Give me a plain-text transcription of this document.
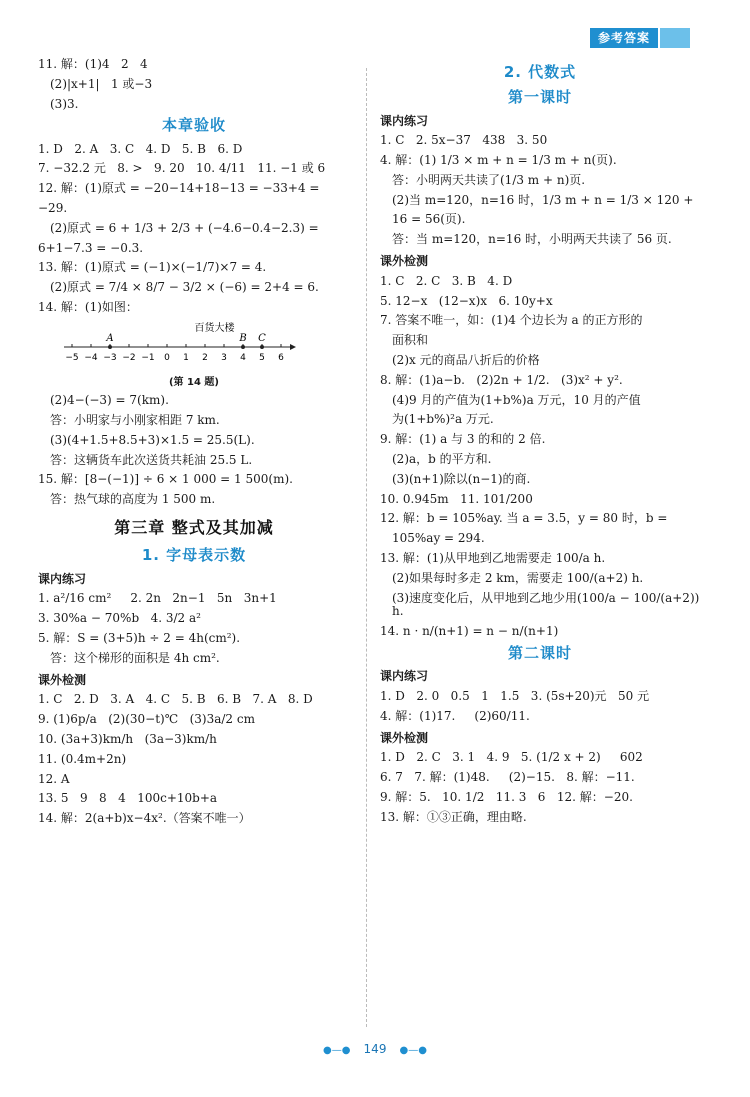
参考答案
11. 解：(1)4   2   4
(2)|x+1|   1 或−3
(3)3.
本章验收
1. D   2. A   3. C   4. D   5. B   6. D
7. −32.2 元   8. >   9. 20   10. 4/11   11. −1 或 6
12. 解：(1)原式 = −20−14+18−13 = −33+4 =
−29.
(2)原式 = 6 + 1/3 + 2/3 + (−4.6−0.4−2.3) =
6+1−7.3 = −0.3.
13. 解：(1)原式 = (−1)×(−1/7)×7 = 4.
(2)原式 = 7/4 × 8/7 − 3/2 × (−6) = 2+4 = 6.
14. 解：(1)如图：
−5 −4 −3 −2 −1 0 1 2 3 4 5 6
百货大楼
A	B C
(第 14 题)
(2)4−(−3) = 7(km).
答：小明家与小刚家相距 7 km.
(3)(4+1.5+8.5+3)×1.5 = 25.5(L).
答：这辆货车此次送货共耗油 25.5 L.
15. 解：[8−(−1)] ÷ 6 × 1 000 = 1 500(m).
答：热气球的高度为 1 500 m.
第三章 整式及其加减
1. 字母表示数
课内练习
1. a²/16 cm²     2. 2n   2n−1   5n   3n+1
3. 30%a − 70%b   4. 3/2 a²
5. 解：S = (3+5)h ÷ 2 = 4h(cm²).
答：这个梯形的面积是 4h cm².
课外检测
1. C   2. D   3. A   4. C   5. B   6. B   7. A   8. D
9. (1)6p/a   (2)(30−t)℃   (3)3a/2 cm
10. (3a+3)km/h   (3a−3)km/h
11. (0.4m+2n)
12. A
13. 5   9   8   4   100c+10b+a
14. 解：2(a+b)x−4x².（答案不唯一）
2. 代数式
第一课时
课内练习
1. C   2. 5x−37   438   3. 50
4. 解：(1) 1/3 × m + n = 1/3 m + n(页).
答：小明两天共读了(1/3 m + n)页.
(2)当 m=120，n=16 时，1/3 m + n = 1/3 × 120 +
16 = 56(页).
答：当 m=120，n=16 时，小明两天共读了 56 页.
课外检测
1. C   2. C   3. B   4. D
5. 12−x   (12−x)x   6. 10y+x
7. 答案不唯一，如：(1)4 个边长为 a 的正方形的
面积和
(2)x 元的商品八折后的价格
8. 解：(1)a−b.   (2)2n + 1/2.   (3)x² + y².
(4)9 月的产值为(1+b%)a 万元，10 月的产值
为(1+b%)²a 万元.
9. 解：(1) a 与 3 的和的 2 倍.
(2)a，b 的平方和.
(3)(n+1)除以(n−1)的商.
10. 0.945m   11. 101/200
12. 解：b = 105%ay. 当 a = 3.5，y = 80 时，b =
105%ay = 294.
13. 解：(1)从甲地到乙地需要走 100/a h.
(2)如果每时多走 2 km，需要走 100/(a+2) h.
(3)速度变化后，从甲地到乙地少用(100/a − 100/(a+2)) h.
14. n · n/(n+1) = n − n/(n+1)
第二课时
课内练习
1. D   2. 0   0.5   1   1.5   3. (5s+20)元   50 元
4. 解：(1)17.     (2)60/11.
课外检测
1. D   2. C   3. 1   4. 9   5. (1/2 x + 2)     602
6. 7   7. 解：(1)48.     (2)−15.   8. 解：−11.
9. 解：5.   10. 1/2   11. 3   6   12. 解：−20.
13. 解：①③正确，理由略.
●—● 149 ●—●
